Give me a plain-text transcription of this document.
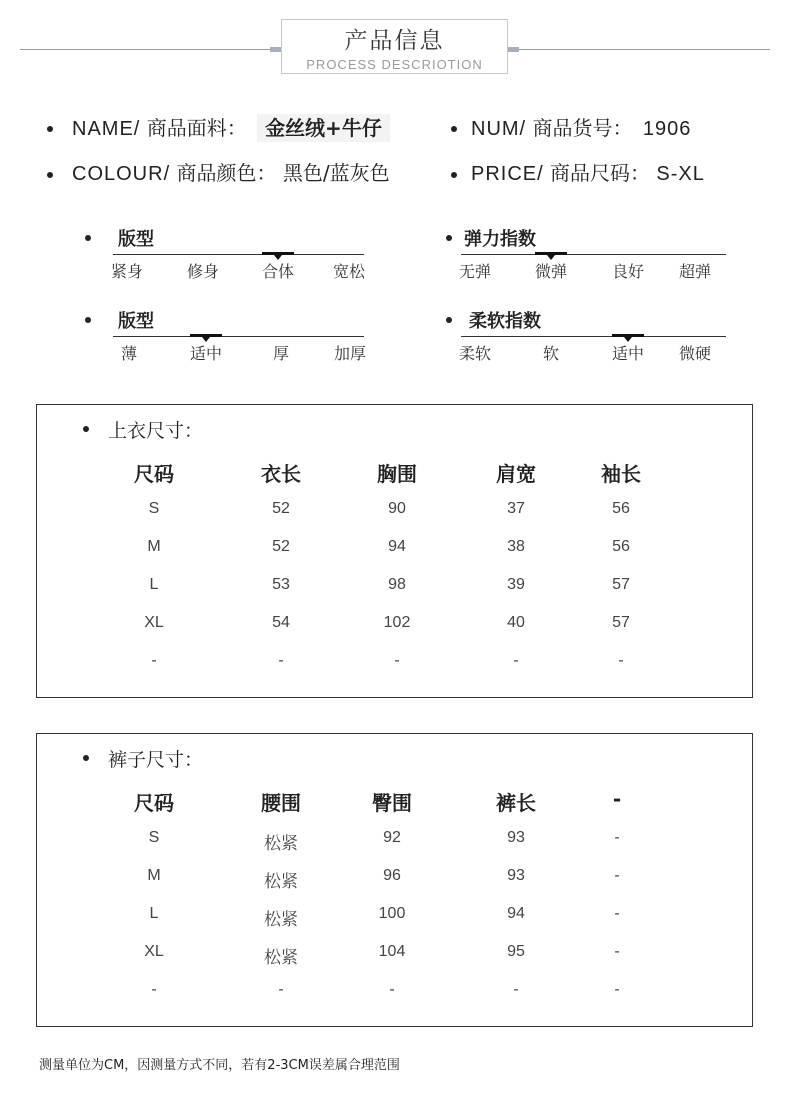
产品信息
PROCESS DESCRIOTION
NAME/ 商品面料： 金丝绒+牛仔	NUM/ 商品货号： 1906
COLOUR/ 商品颜色： 黑色/蓝灰色	PRICE/ 商品尺码： S-XL
版型
紧身	修身	合体 宽松
弹力指数
无弹	微弹	良好 超弹
版型
薄	适中	厚	加厚
柔软指数
柔软	软	适中 微硬
上衣尺寸：
尺码	衣长	胸围	肩宽	袖长
S	52	90	37	56
M	52	94	38	56
L	53	98	39	57
XL	54	102	40	57
-	-	-	-	-
裤子尺寸：
尺码	腰围	臀围	裤长	-
S	松紧	92	93	-
M	松紧	96	93	-
L	松紧	100	94	-
XL	松紧	104	95	-
-	-	-	-	-
测量单位为CM，因测量方式不同，若有2-3CM误差属合理范围
